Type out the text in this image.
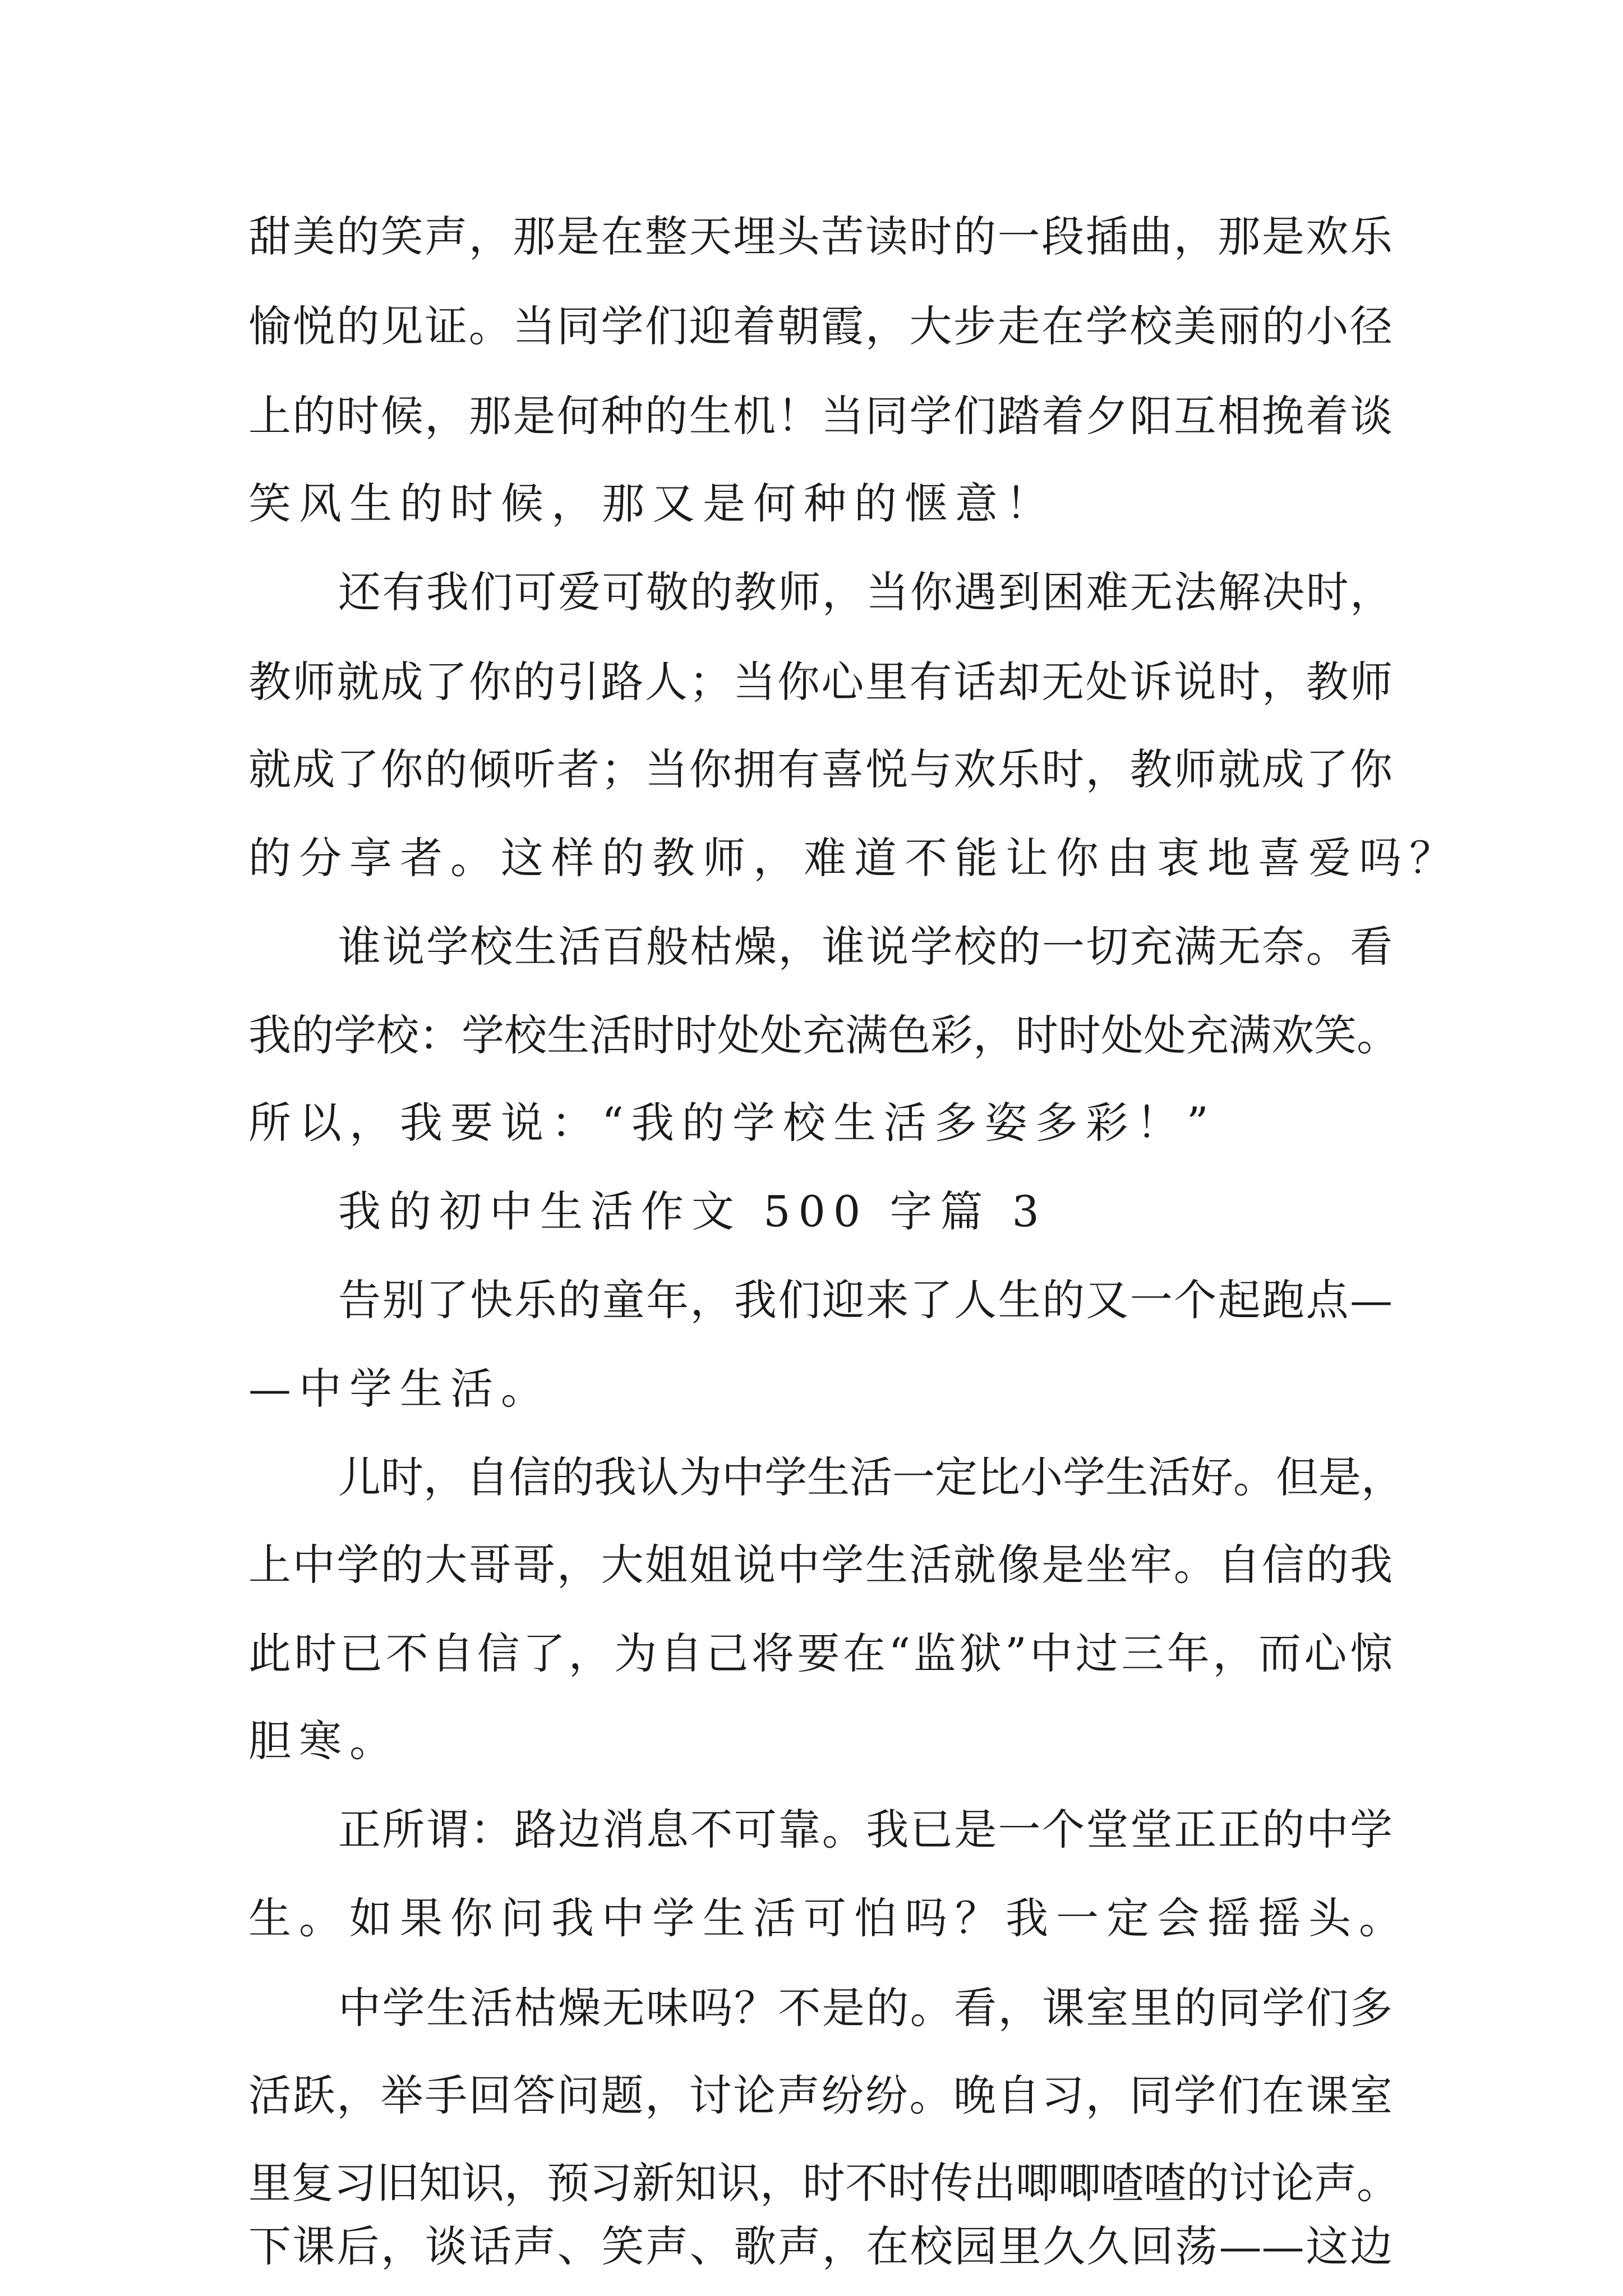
甜美的笑声，那是在整天埋头苦读时的一段插曲，那是欢乐
愉悦的见证。当同学们迎着朝霞，大步走在学校美丽的小径
上的时候，那是何种的生机！当同学们踏着夕阳互相挽着谈
笑风生的时候，那又是何种的惬意！
还有我们可爱可敬的教师，当你遇到困难无法解决时，
教师就成了你的引路人；当你心里有话却无处诉说时，教师
就成了你的倾听者；当你拥有喜悦与欢乐时，教师就成了你
的分享者。这样的教师，难道不能让你由衷地喜爱吗？
谁说学校生活百般枯燥，谁说学校的一切充满无奈。看
我的学校：学校生活时时处处充满色彩，时时处处充满欢笑。
所以，我要说：“我的学校生活多姿多彩！”
我的初中生活作文 500 字篇 3
告别了快乐的童年，我们迎来了人生的又一个起跑点—
—中学生活。
儿时，自信的我认为中学生活一定比小学生活好。但是，
上中学的大哥哥，大姐姐说中学生活就像是坐牢。自信的我
此时已不自信了，为自己将要在“监狱”中过三年，而心惊
胆寒。
正所谓：路边消息不可靠。我已是一个堂堂正正的中学
生。如果你问我中学生活可怕吗？我一定会摇摇头。
中学生活枯燥无味吗？不是的。看，课室里的同学们多
活跃，举手回答问题，讨论声纷纷。晚自习，同学们在课室
里复习旧知识，预习新知识，时不时传出唧唧喳喳的讨论声。
下课后，谈话声、笑声、歌声，在校园里久久回荡——这边
